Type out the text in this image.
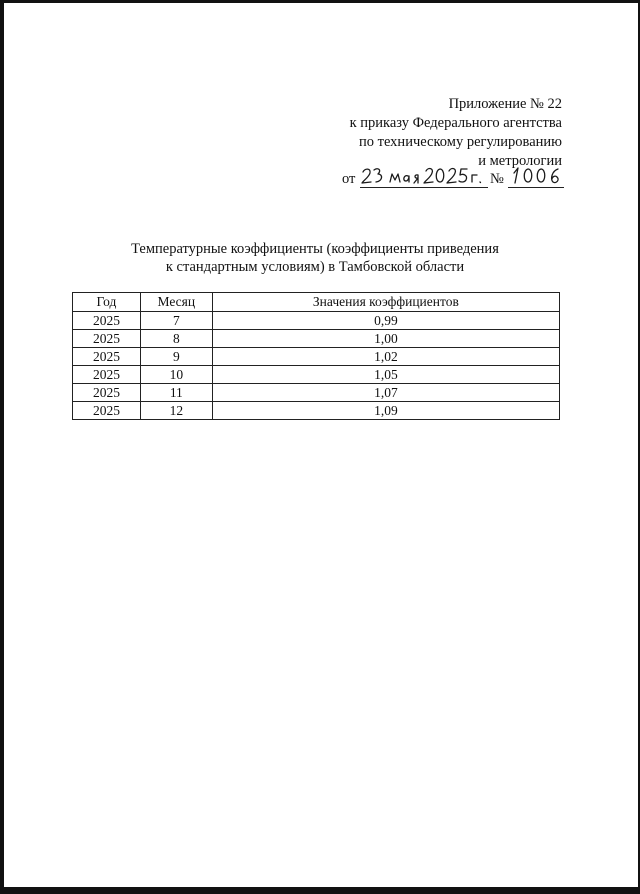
Приложение № 22
к приказу Федерального агентства
по техническому регулированию
и метрологии
от	№
Температурные коэффициенты (коэффициенты приведения
к стандартным условиям) в Тамбовской области
Год	Месяц	Значения коэффициентов
2025	7	0,99
2025	8	1,00
2025	9	1,02
2025	10	1,05
2025	11	1,07
2025	12	1,09
